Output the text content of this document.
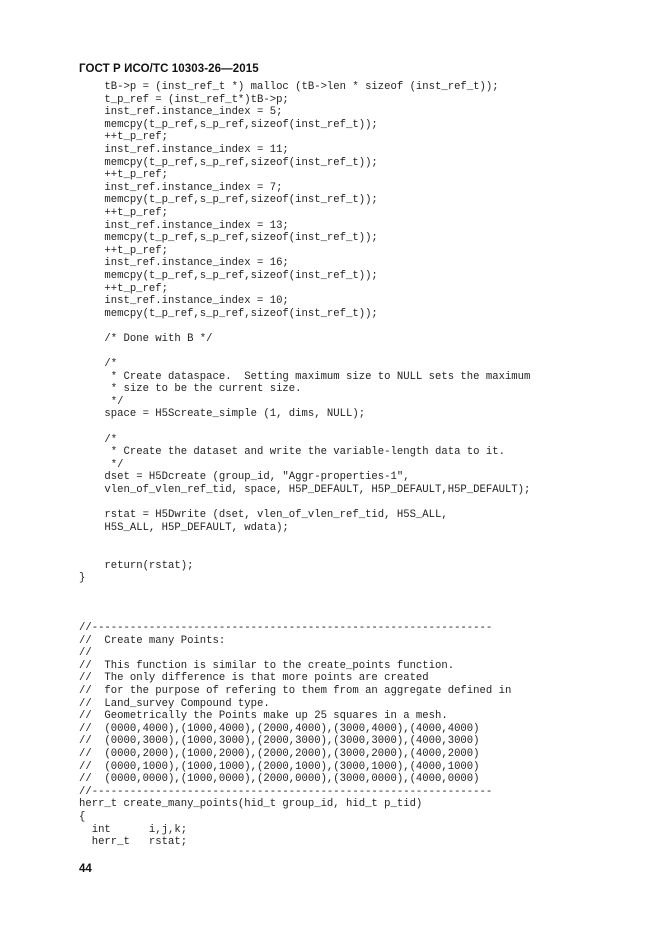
ГОСТ Р ИСО/ТС 10303-26—2015
tB->p = (inst_ref_t *) malloc (tB->len * sizeof (inst_ref_t));
t_p_ref = (inst_ref_t*)tB->p;
inst_ref.instance_index = 5;
memcpy(t_p_ref,s_p_ref,sizeof(inst_ref_t));
++t_p_ref;
inst_ref.instance_index = 11;
memcpy(t_p_ref,s_p_ref,sizeof(inst_ref_t));
++t_p_ref;
inst_ref.instance_index = 7;
memcpy(t_p_ref,s_p_ref,sizeof(inst_ref_t));
++t_p_ref;
inst_ref.instance_index = 13;
memcpy(t_p_ref,s_p_ref,sizeof(inst_ref_t));
++t_p_ref;
inst_ref.instance_index = 16;
memcpy(t_p_ref,s_p_ref,sizeof(inst_ref_t));
++t_p_ref;
inst_ref.instance_index = 10;
memcpy(t_p_ref,s_p_ref,sizeof(inst_ref_t));
/* Done with B */
/*
* Create dataspace.  Setting maximum size to NULL sets the maximum
* size to be the current size.
*/
space = H5Screate_simple (1, dims, NULL);
/*
* Create the dataset and write the variable-length data to it.
*/
dset = H5Dcreate (group_id, "Aggr-properties-1",
vlen_of_vlen_ref_tid, space, H5P_DEFAULT, H5P_DEFAULT,H5P_DEFAULT);
rstat = H5Dwrite (dset, vlen_of_vlen_ref_tid, H5S_ALL,
H5S_ALL, H5P_DEFAULT, wdata);
return(rstat);
}
//---------------------------------------------------------------
//  Create many Points:
//
//  This function is similar to the create_points function.
//  The only difference is that more points are created
//  for the purpose of refering to them from an aggregate defined in
//  Land_survey Compound type.
//  Geometrically the Points make up 25 squares in a mesh.
//  (0000,4000),(1000,4000),(2000,4000),(3000,4000),(4000,4000)
//  (0000,3000),(1000,3000),(2000,3000),(3000,3000),(4000,3000)
//  (0000,2000),(1000,2000),(2000,2000),(3000,2000),(4000,2000)
//  (0000,1000),(1000,1000),(2000,1000),(3000,1000),(4000,1000)
//  (0000,0000),(1000,0000),(2000,0000),(3000,0000),(4000,0000)
//---------------------------------------------------------------
herr_t create_many_points(hid_t group_id, hid_t p_tid)
{
int      i,j,k;
herr_t   rstat;
44
